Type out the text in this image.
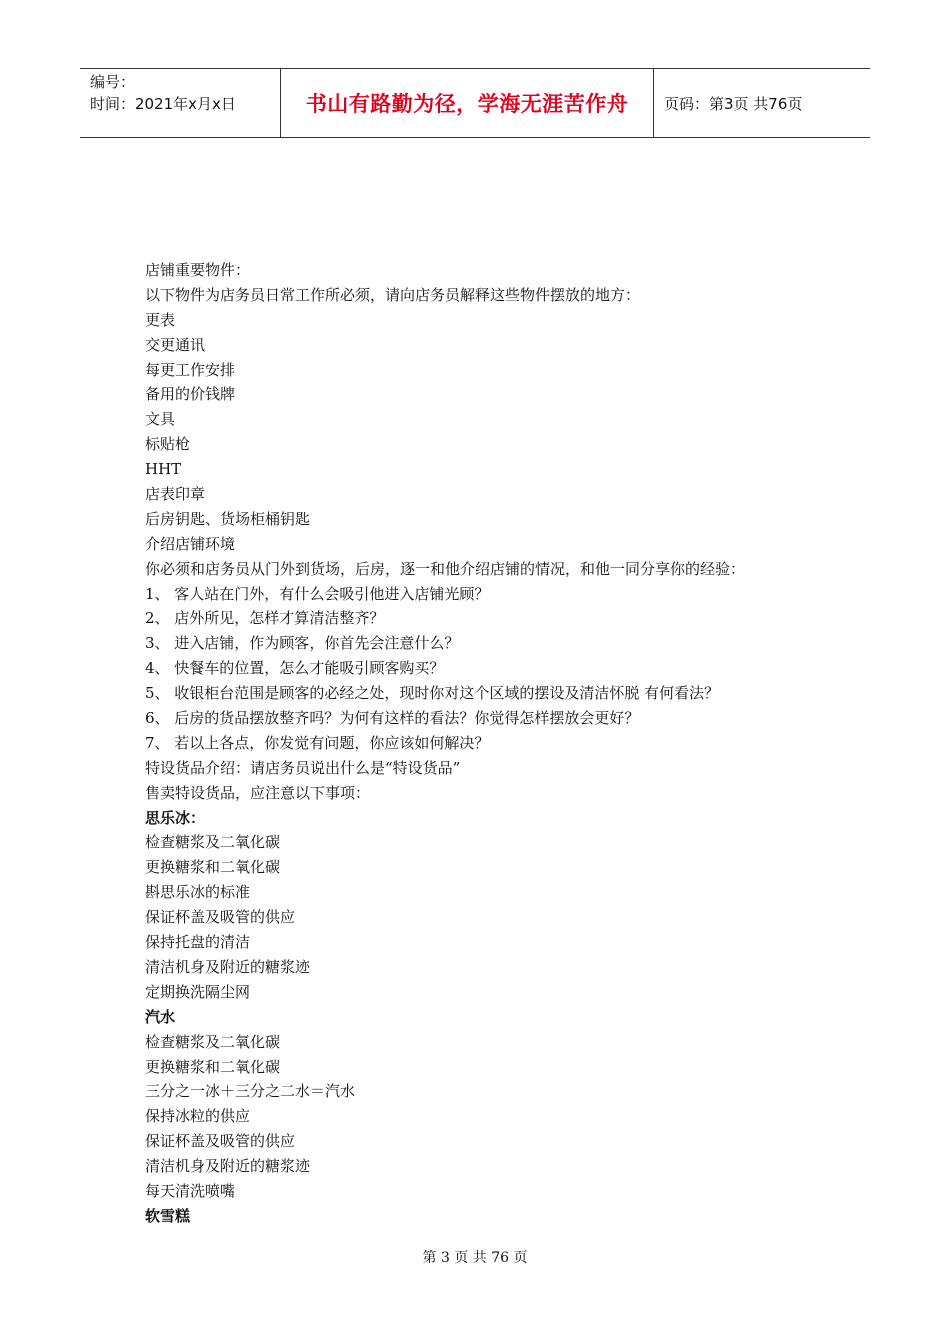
编号：
时间：2021年x月x日	书山有路勤为径，学海无涯苦作舟 页码：第3页 共76页
店铺重要物件：
以下物件为店务员日常工作所必须，请向店务员解释这些物件摆放的地方：
更表
交更通讯
每更工作安排
备用的价钱牌
文具
标贴枪
HHT
店表印章
后房钥匙、货场柜桶钥匙
介绍店铺环境
你必须和店务员从门外到货场，后房，逐一和他介绍店铺的情况，和他一同分享你的经验：
1、 客人站在门外，有什么会吸引他进入店铺光顾？
2、 店外所见，怎样才算清洁整齐？
3、 进入店铺，作为顾客，你首先会注意什么？
4、 快餐车的位置，怎么才能吸引顾客购买？
5、 收银柜台范围是顾客的必经之处，现时你对这个区域的摆设及清洁怀脱 有何看法？
6、 后房的货品摆放整齐吗？为何有这样的看法？你觉得怎样摆放会更好？
7、 若以上各点，你发觉有问题，你应该如何解决？
特设货品介绍：请店务员说出什么是“特设货品”
售卖特设货品，应注意以下事项：
思乐冰：
检查糖浆及二氧化碳
更换糖浆和二氧化碳
斟思乐冰的标准
保证杯盖及吸管的供应
保持托盘的清洁
清洁机身及附近的糖浆迹
定期换洗隔尘网
汽水
检查糖浆及二氧化碳
更换糖浆和二氧化碳
三分之一冰＋三分之二水＝汽水
保持冰粒的供应
保证杯盖及吸管的供应
清洁机身及附近的糖浆迹
每天清洗喷嘴
软雪糕
第 3 页 共 76 页
